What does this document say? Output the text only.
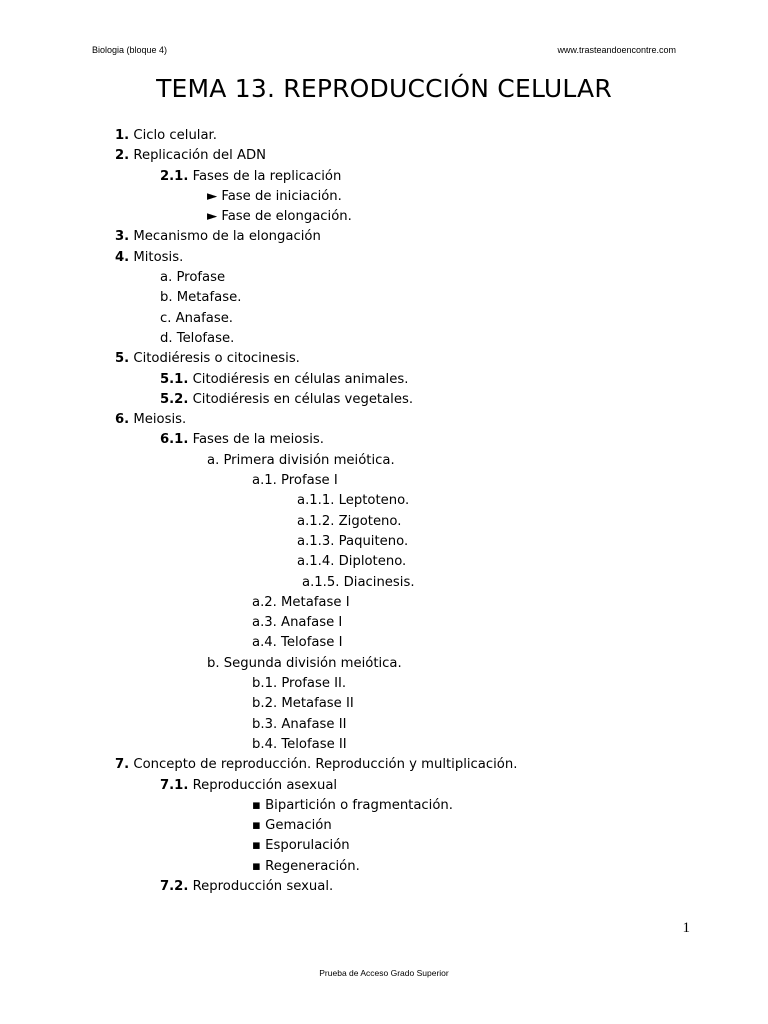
Biologia (bloque 4)	www.trasteandoencontre.com
TEMA 13. REPRODUCCIÓN CELULAR
1. Ciclo celular.
2. Replicación del ADN
2.1. Fases de la replicación
► Fase de iniciación.
► Fase de elongación.
3. Mecanismo de la elongación
4. Mitosis.
a. Profase
b. Metafase.
c. Anafase.
d. Telofase.
5. Citodiéresis o citocinesis.
5.1. Citodiéresis en células animales.
5.2. Citodiéresis en células vegetales.
6. Meiosis.
6.1. Fases de la meiosis.
a. Primera división meiótica.
a.1. Profase I
a.1.1. Leptoteno.
a.1.2. Zigoteno.
a.1.3. Paquiteno.
a.1.4. Diploteno.
a.1.5. Diacinesis.
a.2. Metafase I
a.3. Anafase I
a.4. Telofase I
b. Segunda división meiótica.
b.1. Profase II.
b.2. Metafase II
b.3. Anafase II
b.4. Telofase II
7. Concepto de reproducción. Reproducción y multiplicación.
7.1. Reproducción asexual
▪ Bipartición o fragmentación.
▪ Gemación
▪ Esporulación
▪ Regeneración.
7.2. Reproducción sexual.
1
Prueba de Acceso Grado Superior
